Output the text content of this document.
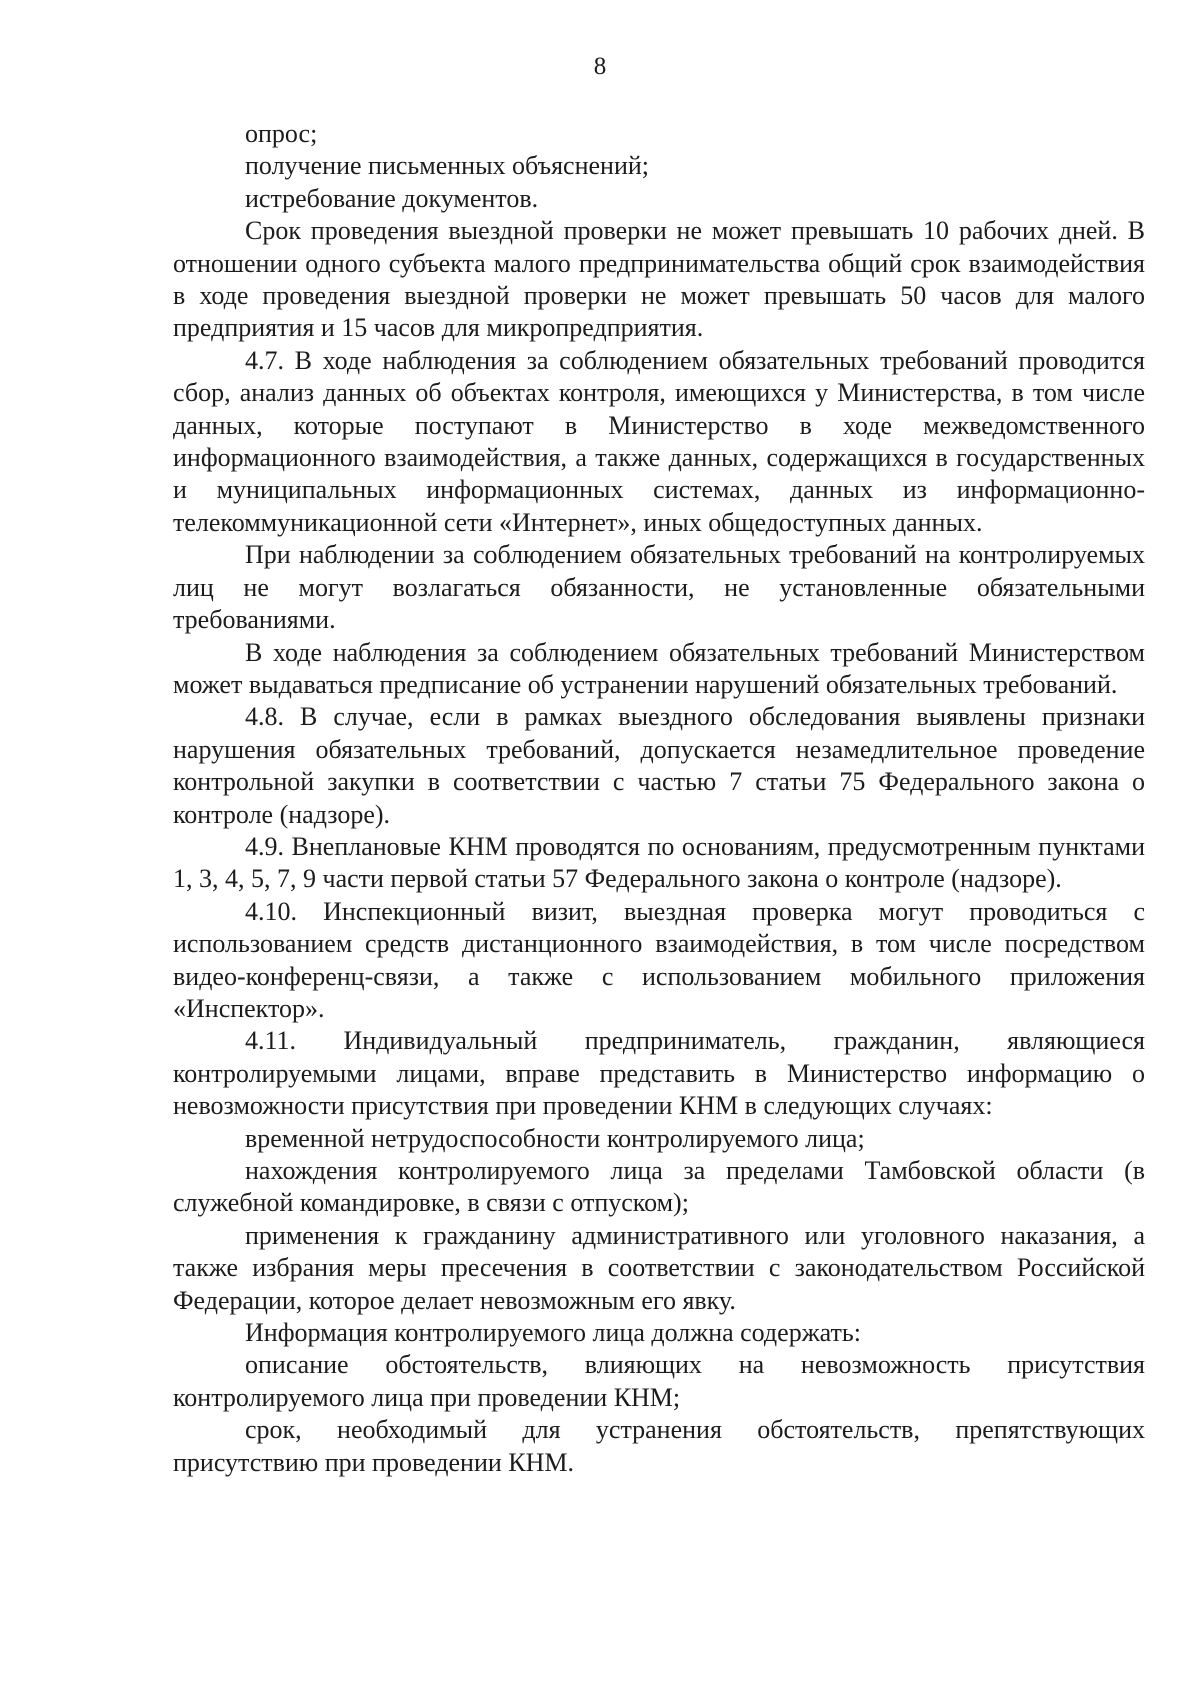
8

опрос;

получение письменных объяснений;

истребование документов.

Срок проведения выездной проверки не может превышать 10 рабочих дней. В отношении одного субъекта малого предпринимательства общий срок взаимодействия в ходе проведения выездной проверки не может превышать 50 часов для малого предприятия и 15 часов для микропредприятия.

4.7. В ходе наблюдения за соблюдением обязательных требований проводится сбор, анализ данных об объектах контроля, имеющихся у Министерства, в том числе данных, которые поступают в Министерство в ходе межведомственного информационного взаимодействия, а также данных, содержащихся в государственных и муниципальных информационных системах, данных из информационно-телекоммуникационной сети «Интернет», иных общедоступных данных.

При наблюдении за соблюдением обязательных требований на контролируемых лиц не могут возлагаться обязанности, не установленные обязательными требованиями.

В ходе наблюдения за соблюдением обязательных требований Министерством может выдаваться предписание об устранении нарушений обязательных требований.

4.8. В случае, если в рамках выездного обследования выявлены признаки нарушения обязательных требований, допускается незамедлительное проведение контрольной закупки в соответствии с частью 7 статьи 75 Федерального закона о контроле (надзоре).

4.9. Внеплановые КНМ проводятся по основаниям, предусмотренным пунктами 1, 3, 4, 5, 7, 9 части первой статьи 57 Федерального закона о контроле (надзоре).

4.10. Инспекционный визит, выездная проверка могут проводиться с использованием средств дистанционного взаимодействия, в том числе посредством видео-конференц-связи, а также с использованием мобильного приложения «Инспектор».

4.11. Индивидуальный предприниматель, гражданин, являющиеся контролируемыми лицами, вправе представить в Министерство информацию о невозможности присутствия при проведении КНМ в следующих случаях:

временной нетрудоспособности контролируемого лица;

нахождения контролируемого лица за пределами Тамбовской области (в служебной командировке, в связи с отпуском);

применения к гражданину административного или уголовного наказания, а также избрания меры пресечения в соответствии с законодательством Российской Федерации, которое делает невозможным его явку.

Информация контролируемого лица должна содержать:

описание обстоятельств, влияющих на невозможность присутствия контролируемого лица при проведении КНМ;

срок, необходимый для устранения обстоятельств, препятствующих присутствию при проведении КНМ.
